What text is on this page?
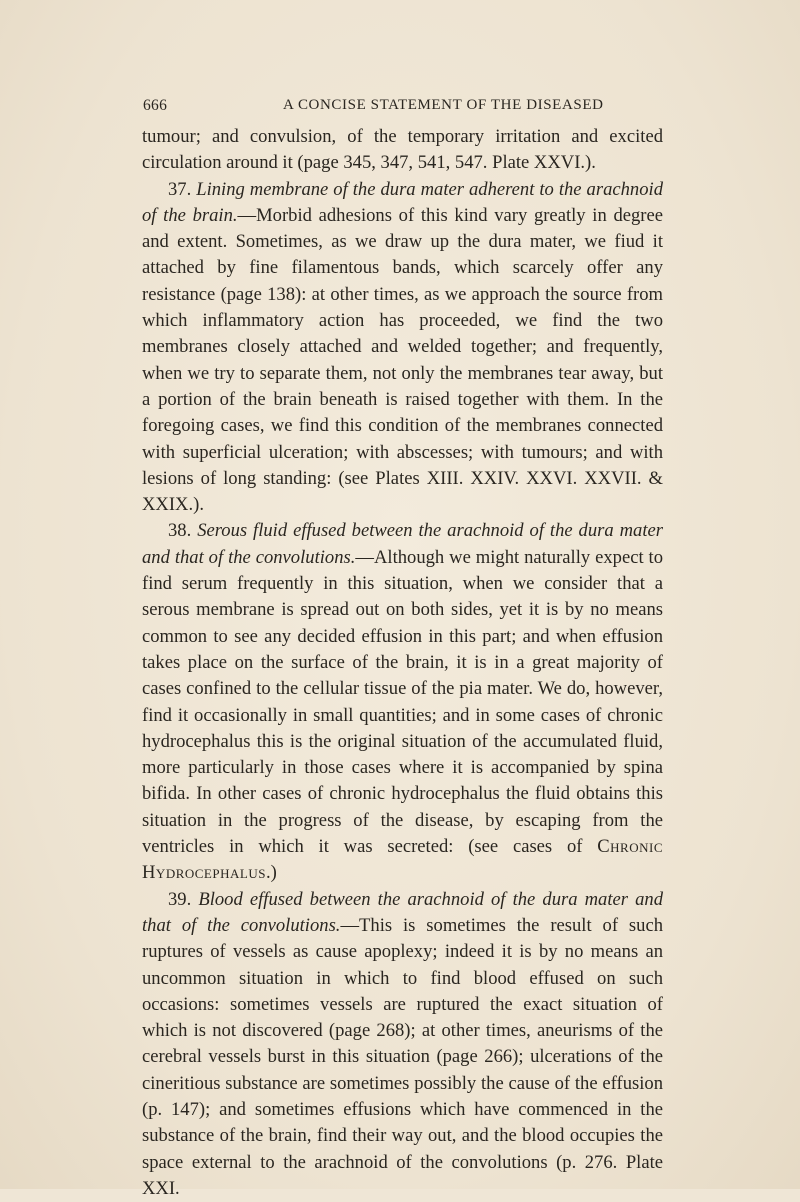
666	A CONCISE STATEMENT OF THE DISEASED

tumour; and convulsion, of the temporary irritation and excited circulation around it (page 345, 347, 541, 547. Plate XXVI.).

37. Lining membrane of the dura mater adherent to the arachnoid of the brain.—Morbid adhesions of this kind vary greatly in degree and extent. Sometimes, as we draw up the dura mater, we fiud it attached by fine filamentous bands, which scarcely offer any resistance (page 138): at other times, as we approach the source from which inflammatory action has proceeded, we find the two membranes closely attached and welded together; and frequently, when we try to separate them, not only the membranes tear away, but a portion of the brain beneath is raised together with them. In the foregoing cases, we find this condition of the membranes connected with superficial ulceration; with abscesses; with tumours; and with lesions of long standing: (see Plates XIII. XXIV. XXVI. XXVII. & XXIX.).

38. Serous fluid effused between the arachnoid of the dura mater and that of the convolutions.—Although we might naturally expect to find serum frequently in this situation, when we consider that a serous membrane is spread out on both sides, yet it is by no means common to see any decided effusion in this part; and when effusion takes place on the surface of the brain, it is in a great majority of cases confined to the cellular tissue of the pia mater. We do, however, find it occasionally in small quantities; and in some cases of chronic hydrocephalus this is the original situation of the accumulated fluid, more particularly in those cases where it is accompanied by spina bifida. In other cases of chronic hydrocephalus the fluid obtains this situation in the progress of the disease, by escaping from the ventricles in which it was secreted: (see cases of Chronic Hydrocephalus.)

39. Blood effused between the arachnoid of the dura mater and that of the convolutions.—This is sometimes the result of such ruptures of vessels as cause apoplexy; indeed it is by no means an uncommon situation in which to find blood effused on such occasions: sometimes vessels are ruptured the exact situation of which is not discovered (page 268); at other times, aneurisms of the cerebral vessels burst in this situation (page 266); ulcerations of the cineritious substance are sometimes possibly the cause of the effusion (p. 147); and sometimes effusions which have commenced in the substance of the brain, find their way out, and the blood occupies the space external to the arachnoid of the convolutions (p. 276. Plate XXI.
